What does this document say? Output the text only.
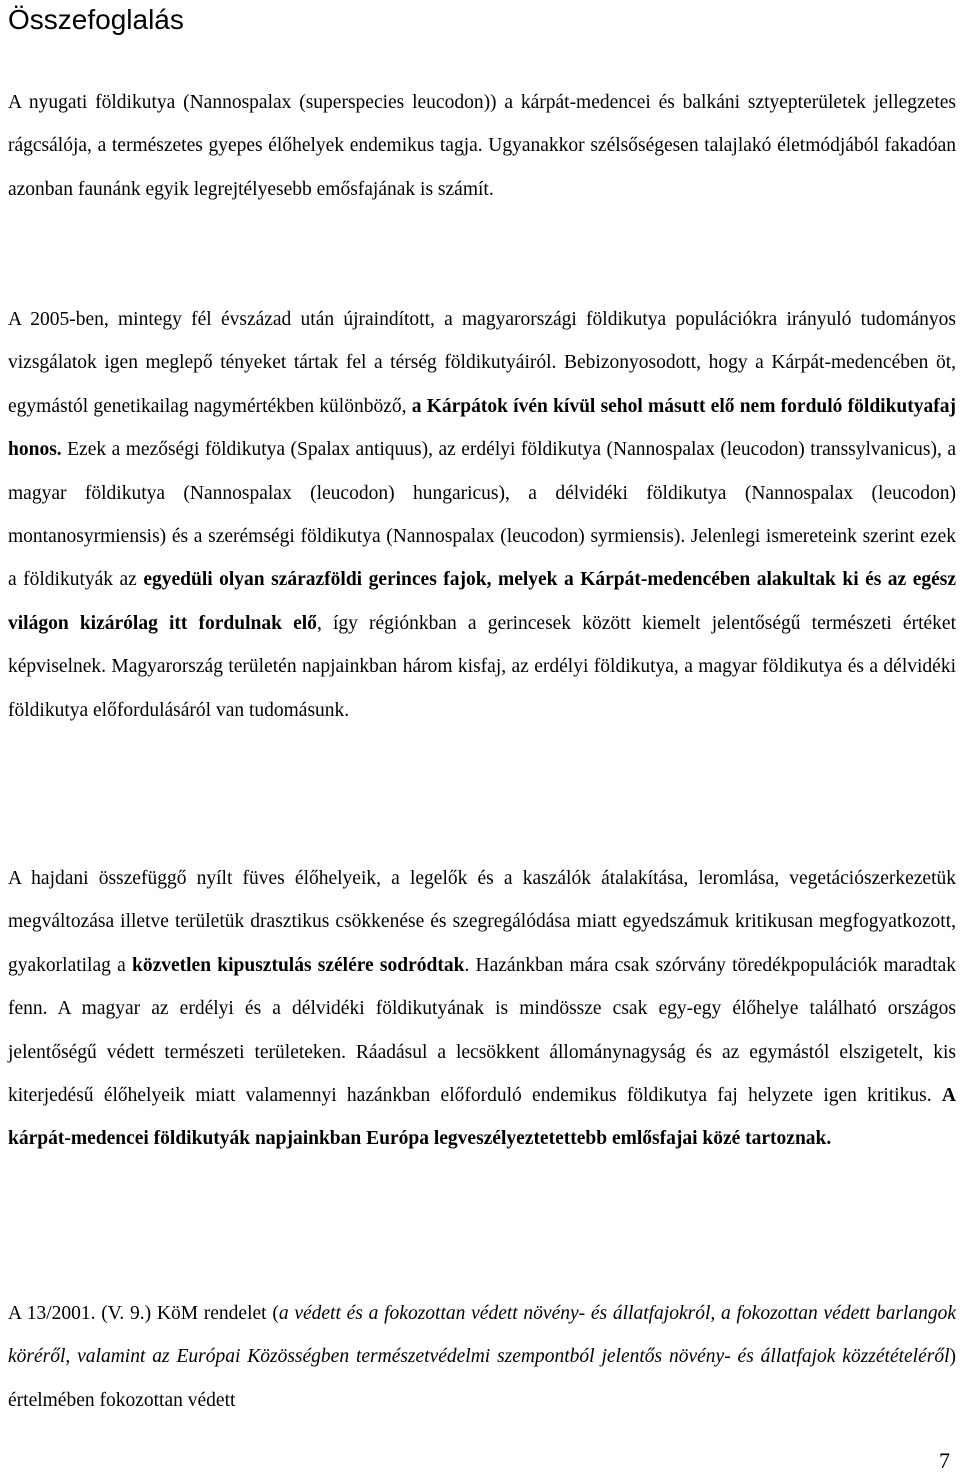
Összefoglalás

A nyugati földikutya (Nannospalax (superspecies leucodon)) a kárpát-medencei és balkáni sztyepterületek jellegzetes rágcsálója, a természetes gyepes élőhelyek endemikus tagja. Ugyanakkor szélsőségesen talajlakó életmódjából fakadóan azonban faunánk egyik legrejtélyesebb emősfajának is számít.

A 2005-ben, mintegy fél évszázad után újraindított, a magyarországi földikutya populációkra irányuló tudományos vizsgálatok igen meglepő tényeket tártak fel a térség földikutyáiról. Bebizonyosodott, hogy a Kárpát-medencében öt, egymástól genetikailag nagymértékben különböző, a Kárpátok ívén kívül sehol másutt elő nem forduló földikutyafaj honos. Ezek a mezőségi földikutya (Spalax antiquus), az erdélyi földikutya (Nannospalax (leucodon) transsylvanicus), a magyar földikutya (Nannospalax (leucodon) hungaricus), a délvidéki földikutya (Nannospalax (leucodon) montanosyrmiensis) és a szerémségi földikutya (Nannospalax (leucodon) syrmiensis). Jelenlegi ismereteink szerint ezek a földikutyák az egyedüli olyan szárazföldi gerinces fajok, melyek a Kárpát-medencében alakultak ki és az egész világon kizárólag itt fordulnak elő, így régiónkban a gerincesek között kiemelt jelentőségű természeti értéket képviselnek. Magyarország területén napjainkban három kisfaj, az erdélyi földikutya, a magyar földikutya és a délvidéki földikutya előfordulásáról van tudomásunk.

A hajdani összefüggő nyílt füves élőhelyeik, a legelők és a kaszálók átalakítása, leromlása, vegetációszerkezetük megváltozása illetve területük drasztikus csökkenése és szegregálódása miatt egyedszámuk kritikusan megfogyatkozott, gyakorlatilag a közvetlen kipusztulás szélére sodródtak. Hazánkban mára csak szórvány töredékpopulációk maradtak fenn. A magyar az erdélyi és a délvidéki földikutyának is mindössze csak egy-egy élőhelye található országos jelentőségű védett természeti területeken. Ráadásul a lecsökkent állománynagyság és az egymástól elszigetelt, kis kiterjedésű élőhelyeik miatt valamennyi hazánkban előforduló endemikus földikutya faj helyzete igen kritikus. A kárpát-medencei földikutyák napjainkban Európa legveszélyeztetettebb emlősfajai közé tartoznak.

A 13/2001. (V. 9.) KöM rendelet (a védett és a fokozottan védett növény- és állatfajokról, a fokozottan védett barlangok köréről, valamint az Európai Közösségben természetvédelmi szempontból jelentős növény- és állatfajok közzétételéről) értelmében fokozottan védett

7
